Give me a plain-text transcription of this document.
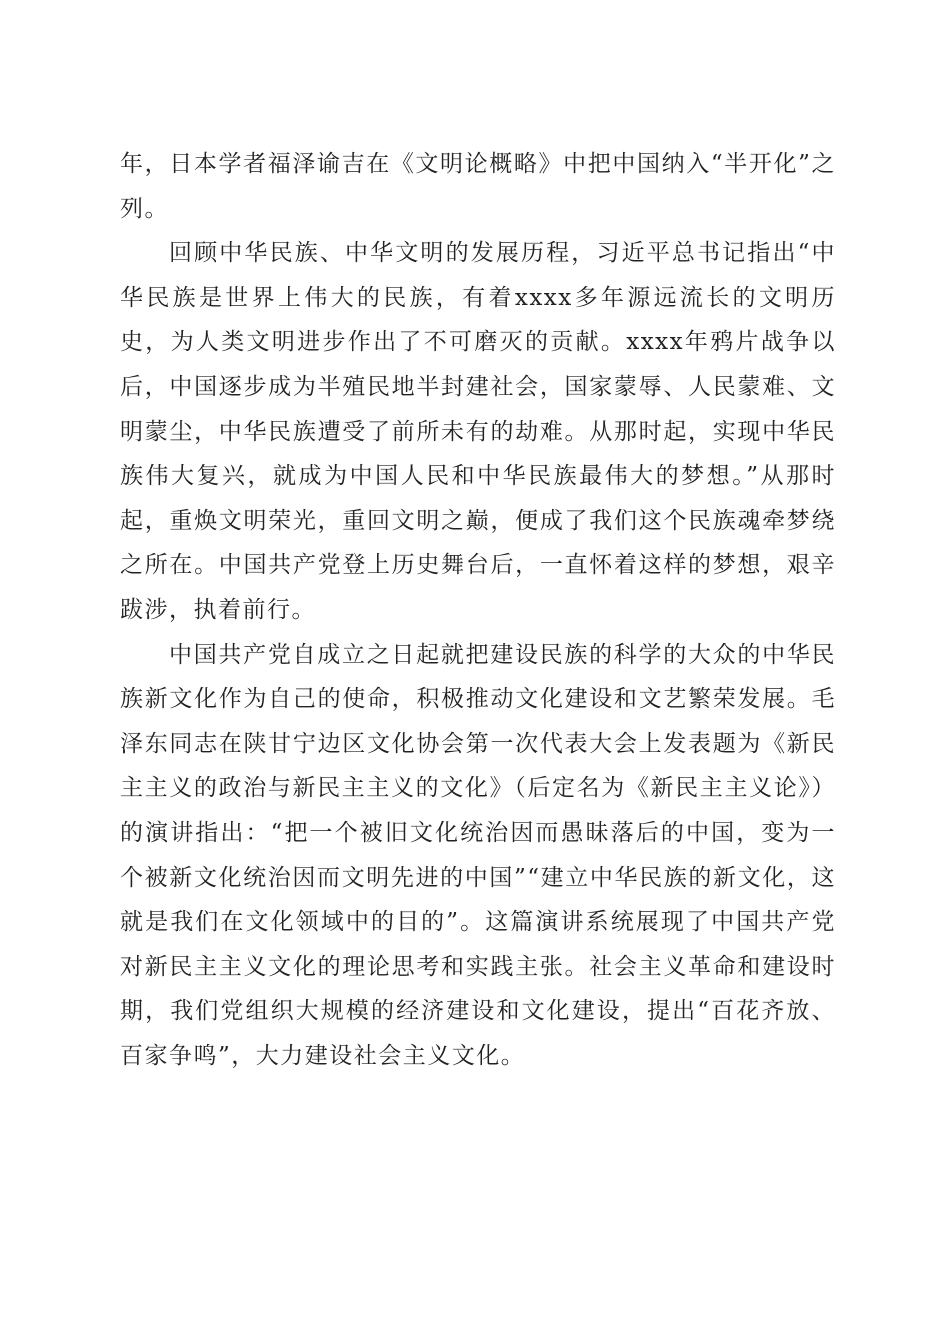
年，日本学者福泽谕吉在《文明论概略》中把中国纳入“半开化”之列。

回顾中华民族、中华文明的发展历程，习近平总书记指出“中华民族是世界上伟大的民族，有着xxxx多年源远流长的文明历史，为人类文明进步作出了不可磨灭的贡献。xxxx年鸦片战争以后，中国逐步成为半殖民地半封建社会，国家蒙辱、人民蒙难、文明蒙尘，中华民族遭受了前所未有的劫难。从那时起，实现中华民族伟大复兴，就成为中国人民和中华民族最伟大的梦想。”从那时起，重焕文明荣光，重回文明之巅，便成了我们这个民族魂牵梦绕之所在。中国共产党登上历史舞台后，一直怀着这样的梦想，艰辛跋涉，执着前行。

中国共产党自成立之日起就把建设民族的科学的大众的中华民族新文化作为自己的使命，积极推动文化建设和文艺繁荣发展。毛泽东同志在陕甘宁边区文化协会第一次代表大会上发表题为《新民主主义的政治与新民主主义的文化》（后定名为《新民主主义论》）的演讲指出：“把一个被旧文化统治因而愚昧落后的中国，变为一个被新文化统治因而文明先进的中国”“建立中华民族的新文化，这就是我们在文化领域中的目的”。这篇演讲系统展现了中国共产党对新民主主义文化的理论思考和实践主张。社会主义革命和建设时期，我们党组织大规模的经济建设和文化建设，提出“百花齐放、百家争鸣”，大力建设社会主义文化。
